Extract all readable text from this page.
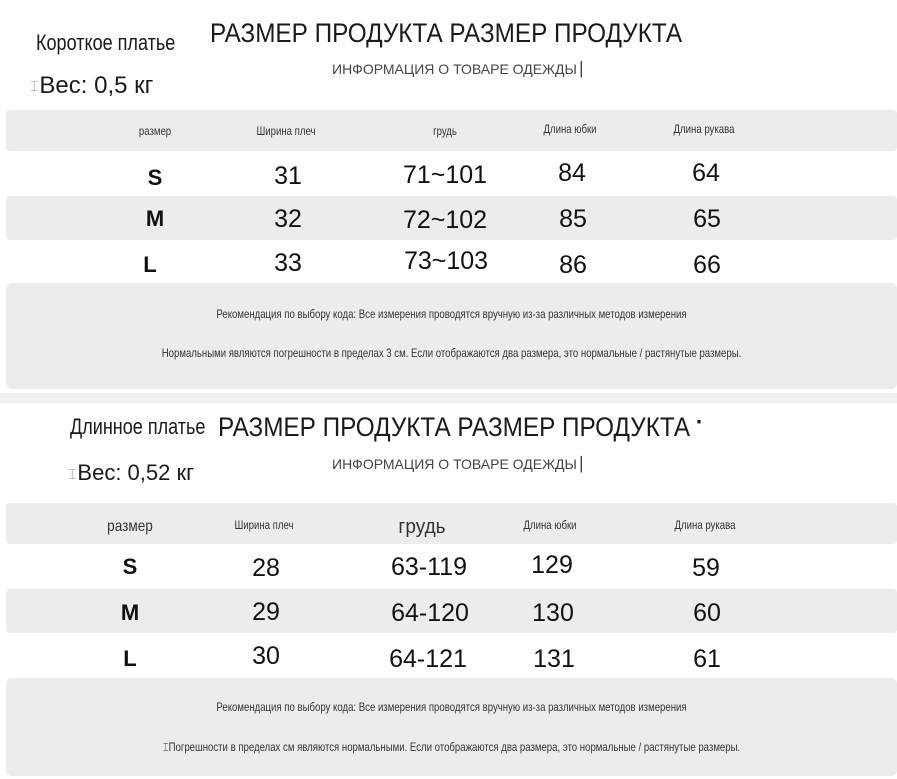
Короткое платье
⌶Вес: 0,5 кг
РАЗМЕР ПРОДУКТА РАЗМЕР ПРОДУКТА
ИНФОРМАЦИЯ О ТОВАРЕ ОДЕЖДЫ ▏
размер	Ширина плеч	грудь	Длина юбки	Длина рукава
S	31	71~101	84	64
M	32	72~102	85	65
L	33	73~103	86	66
Рекомендация по выбору кода: Все измерения проводятся вручную из-за различных методов измерения
Нормальными являются погрешности в пределах 3 см. Если отображаются два размера, это нормальные / растянутые размеры.
Длинное платье
⌶Вес: 0,52 кг
РАЗМЕР ПРОДУКТА РАЗМЕР ПРОДУКТА ▪
ИНФОРМАЦИЯ О ТОВАРЕ ОДЕЖДЫ ▏
размер	Ширина плеч	грудь	Длина юбки	Длина рукава
S	28	63-119	129	59
M	29	64-120	130	60
L	30	64-121	131	61
Рекомендация по выбору кода: Все измерения проводятся вручную из-за различных методов измерения
⌶Погрешности в пределах см являются нормальными. Если отображаются два размера, это нормальные / растянутые размеры.
